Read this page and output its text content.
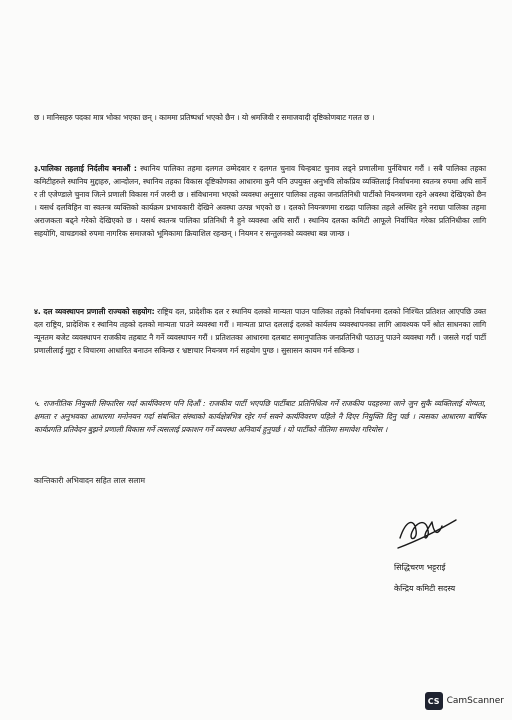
छ । मानिसहरु पदका मात्र भोका भएका छन् । काममा प्रतिष्पर्धा भएको छैन । यो श्रमजिवी र समाजवादी दृष्टिकोणबाट गलत छ ।

३.पालिका तहलाई निर्दलीय बनाऔं : स्थानिय पालिका तहमा दलगत उम्मेदवार र दलगत चुनाव चिन्हबाट चुनाव लड्ने प्रणालीमा पुर्नविचार गरौं । सबै पालिका तहका कमिटीहरुले स्थानिय मुद्दाहरु, आन्दोलन, स्थानिय तहका विकास दृष्टिकोणका आधारमा कुनै पनि उपयुक्त अनुभवि लोकप्रिय व्यक्तिलाई निर्वाचनमा स्वतन्त्र रुपमा अघि सार्ने र ती एजेण्डाले चुनाव जित्ने प्रणाली विकास गर्न जरुरी छ । संविधानमा भएको व्यवस्था अनुसार पालिका तहका जनप्रतिनिधी पार्टीको नियन्त्रणमा रहने अवस्था देखिएको छैन । यसर्थ दलविहिन वा स्वतन्त्र व्यक्तिको कार्यक्रम प्रभावकारी देखिने अवस्था उत्पन्न भएको छ । दलको नियन्त्रणमा राख्दा पालिका तहले अस्थिर हुने नराम्रा पालिका तहमा अराजकता बढ्ने गरेको देखिएको छ । यसर्थ स्वतन्त्र पालिका प्रतिनिधी नै हुने व्यवस्था अघि सारौं । स्थानिय दलका कमिटी आफूले निर्वाचित गरेका प्रतिनिधीका लागि सहयोगि, वाचडगको रुपमा नागरिक समाजको भूमिकामा क्रियाशिल रहन्छन् । नियमन र सन्तुलनको व्यवस्था बन्न जान्छ ।

४. दल व्यवस्थापन प्रणाली राज्यको सहयोग: राष्ट्रिय दल, प्रादेशीक दल र स्थानिय दलको मान्यता पाउन पालिका तहको निर्वाचनमा दलको निश्चित प्रतिशत आएपछि उक्त दल राष्ट्रिय, प्रादेशिक र स्थानिय तहको दलको मान्यता पाउने व्यवस्था गरौं । मान्यता प्राप्त दललाई दलको कार्यलय व्यवस्थापनका लागि आवश्यक पर्ने श्रोत साधनका लागि न्यूनतम बजेट व्यवस्थापन राजकीय तहबाट नै गर्ने व्यवस्थापन गरौं । प्रतिशतका आधारमा दलबाट समानुपातिक जनप्रतिनिधी पठाउनु पाउने व्यवस्था गरौं । जसले गर्दा पार्टी प्रणालीलाई मुद्दा र विचारमा आधारित बनाउन सकिन्छ र भ्रष्टाचार नियन्त्रण गर्न सहयोग पुग्छ । सुसासन कायम गर्न सकिन्छ ।

५. राजनीतिक नियुक्ती सिफारिस गर्दा कार्यविवरण पनि दिऔं : राजकीय पार्टी भएपछि पार्टीबाट प्रतिनिधित्व गर्ने राजकीय पदहरुमा जाने जुन सुकै व्यक्तिलाई योग्यता, क्षमता र अनुभवका आधारमा मनोनयन गर्दा संबन्धित संस्थाको कार्यक्षेत्रभित्र रहेर गर्न सक्ने कार्यविवरण पहिले नै दिएर नियुक्ति दिनु पर्छ । त्यसका आधारमा बार्षिक कार्यप्रगति प्रतिवेदन बुझने प्रणाली विकास गर्ने त्यसलाई प्रकाशन गर्ने व्यवस्था अनिवार्य हुनुपर्छ । यो पार्टीको नीतिमा समावेश गरियोस ।

कान्तिकारी अभिवादन सहित लाल सलाम
सिद्धिचरण भट्टराई
केन्द्रिय कमिटी सदस्य
CS CamScanner
